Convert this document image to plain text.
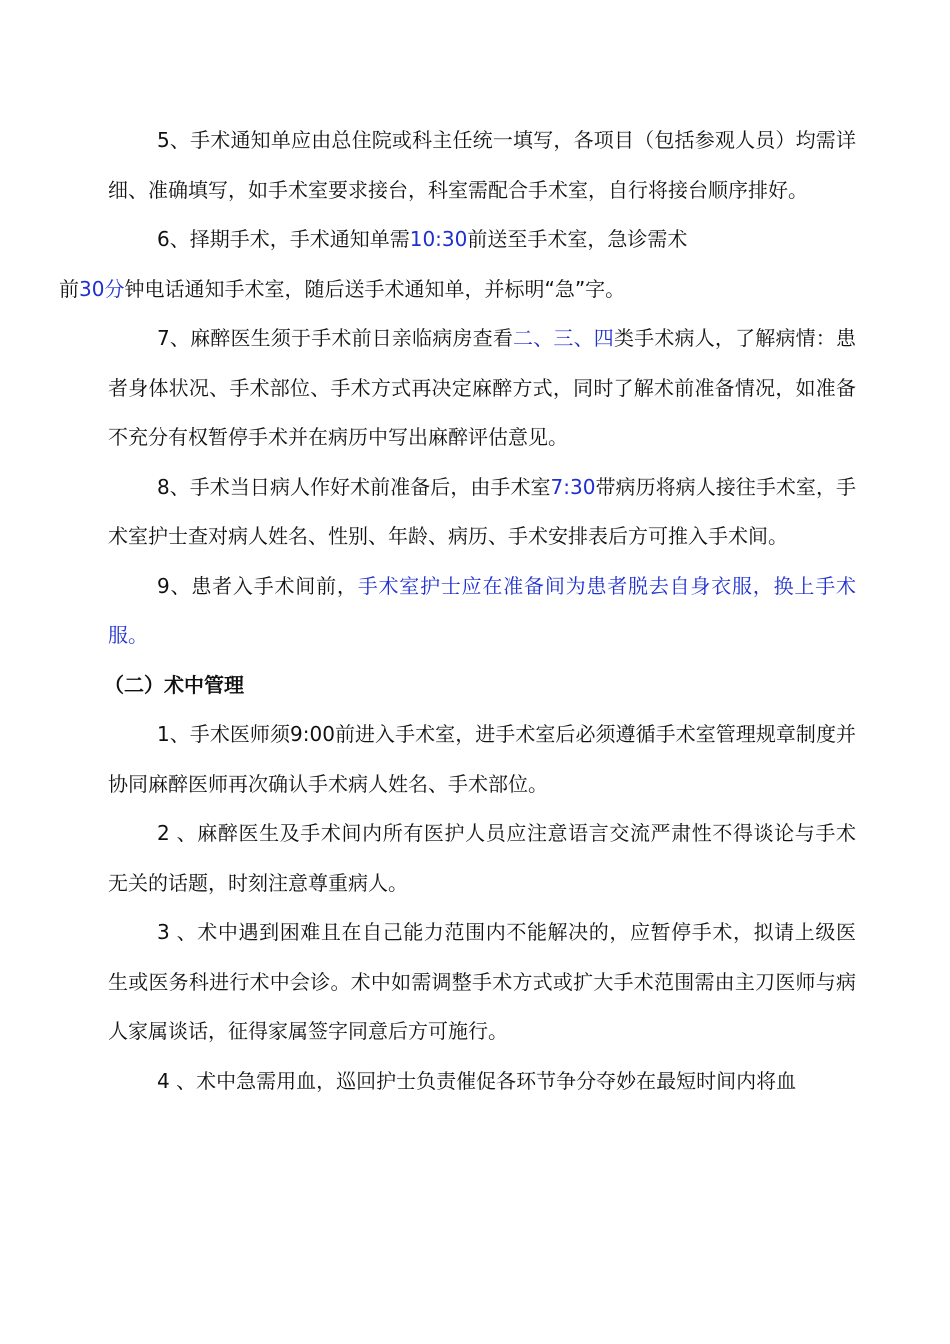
5、手术通知单应由总住院或科主任统一填写，各项目（包括参观人员）均需详细、准确填写，如手术室要求接台，科室需配合手术室，自行将接台顺序排好。

6、择期手术，手术通知单需10:30前送至手术室，急诊需术
前30分钟电话通知手术室，随后送手术通知单，并标明“急”字。

7、麻醉医生须于手术前日亲临病房查看二、三、四类手术病人，了解病情：患者身体状况、手术部位、手术方式再决定麻醉方式，同时了解术前准备情况，如准备不充分有权暂停手术并在病历中写出麻醉评估意见。

8、手术当日病人作好术前准备后，由手术室7:30带病历将病人接往手术室，手术室护士查对病人姓名、性别、年龄、病历、手术安排表后方可推入手术间。

9、患者入手术间前，手术室护士应在准备间为患者脱去自身衣服，换上手术服。

（二）术中管理

1、手术医师须9:00前进入手术室，进手术室后必须遵循手术室管理规章制度并协同麻醉医师再次确认手术病人姓名、手术部位。

2 、麻醉医生及手术间内所有医护人员应注意语言交流严肃性不得谈论与手术无关的话题，时刻注意尊重病人。

3 、术中遇到困难且在自己能力范围内不能解决的，应暂停手术，拟请上级医生或医务科进行术中会诊。术中如需调整手术方式或扩大手术范围需由主刀医师与病人家属谈话，征得家属签字同意后方可施行。

4 、术中急需用血，巡回护士负责催促各环节争分夺妙在最短时间内将血
